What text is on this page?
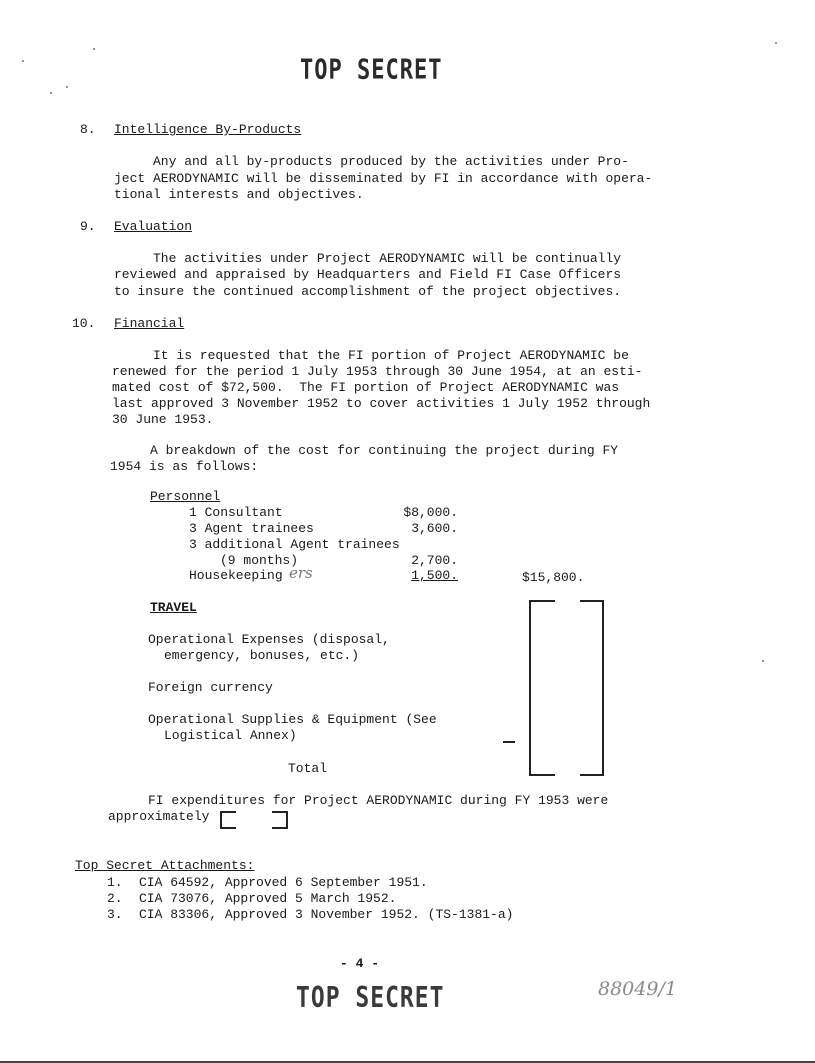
TOP SECRET
8. Intelligence By-Products
Any and all by-products produced by the activities under Pro-
ject AERODYNAMIC will be disseminated by FI in accordance with opera-
tional interests and objectives.
9. Evaluation
The activities under Project AERODYNAMIC will be continually
reviewed and appraised by Headquarters and Field FI Case Officers
to insure the continued accomplishment of the project objectives.
10. Financial
It is requested that the FI portion of Project AERODYNAMIC be
renewed for the period 1 July 1953 through 30 June 1954, at an esti-
mated cost of $72,500.  The FI portion of Project AERODYNAMIC was
last approved 3 November 1952 to cover activities 1 July 1952 through
30 June 1953.
A breakdown of the cost for continuing the project during FY
1954 is as follows:
Personnel
1 Consultant	$8,000.
3 Agent trainees	3,600.
3 additional Agent trainees
(9 months)	2,700.
Housekeeping ers	1,500.	$15,800.
TRAVEL
Operational Expenses (disposal,
emergency, bonuses, etc.)
Foreign currency
Operational Supplies & Equipment (See
Logistical Annex)
Total
FI expenditures for Project AERODYNAMIC during FY 1953 were
approximately
Top Secret Attachments:
1. CIA 64592, Approved 6 September 1951.
2. CIA 73076, Approved 5 March 1952.
3. CIA 83306, Approved 3 November 1952. (TS-1381-a)
- 4 -
TOP SECRET	88049/1
